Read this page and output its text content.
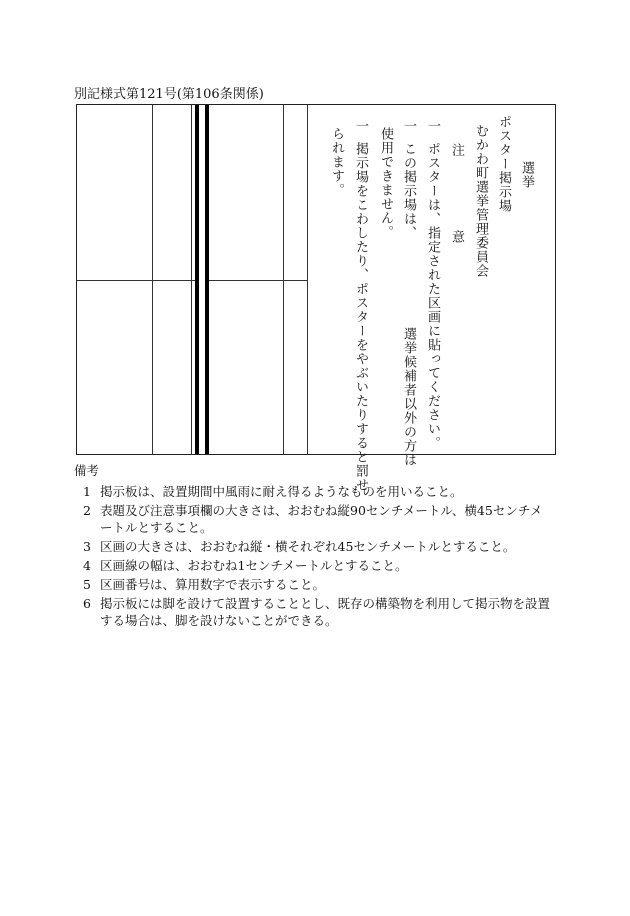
別記様式第121号(第106条関係)
選挙
ポスター掲示場
むかわ町選挙管理委員会
注
意
一
ポスターは、指定された区画に貼ってください。
一
この掲示場は、
選挙候補者以外の方は
使用できません。
一
掲示場をこわしたり、ポスターをやぶいたりすると罰せ
られます。
備考
1 掲示板は、設置期間中風雨に耐え得るようなものを用いること。
2 表題及び注意事項欄の大きさは、おおむね縦90センチメートル、横45センチメートルとすること。
3 区画の大きさは、おおむね縦・横それぞれ45センチメートルとすること。
4 区画線の幅は、おおむね1センチメートルとすること。
5 区画番号は、算用数字で表示すること。
6 掲示板には脚を設けて設置することとし、既存の構築物を利用して掲示物を設置する場合は、脚を設けないことができる。
